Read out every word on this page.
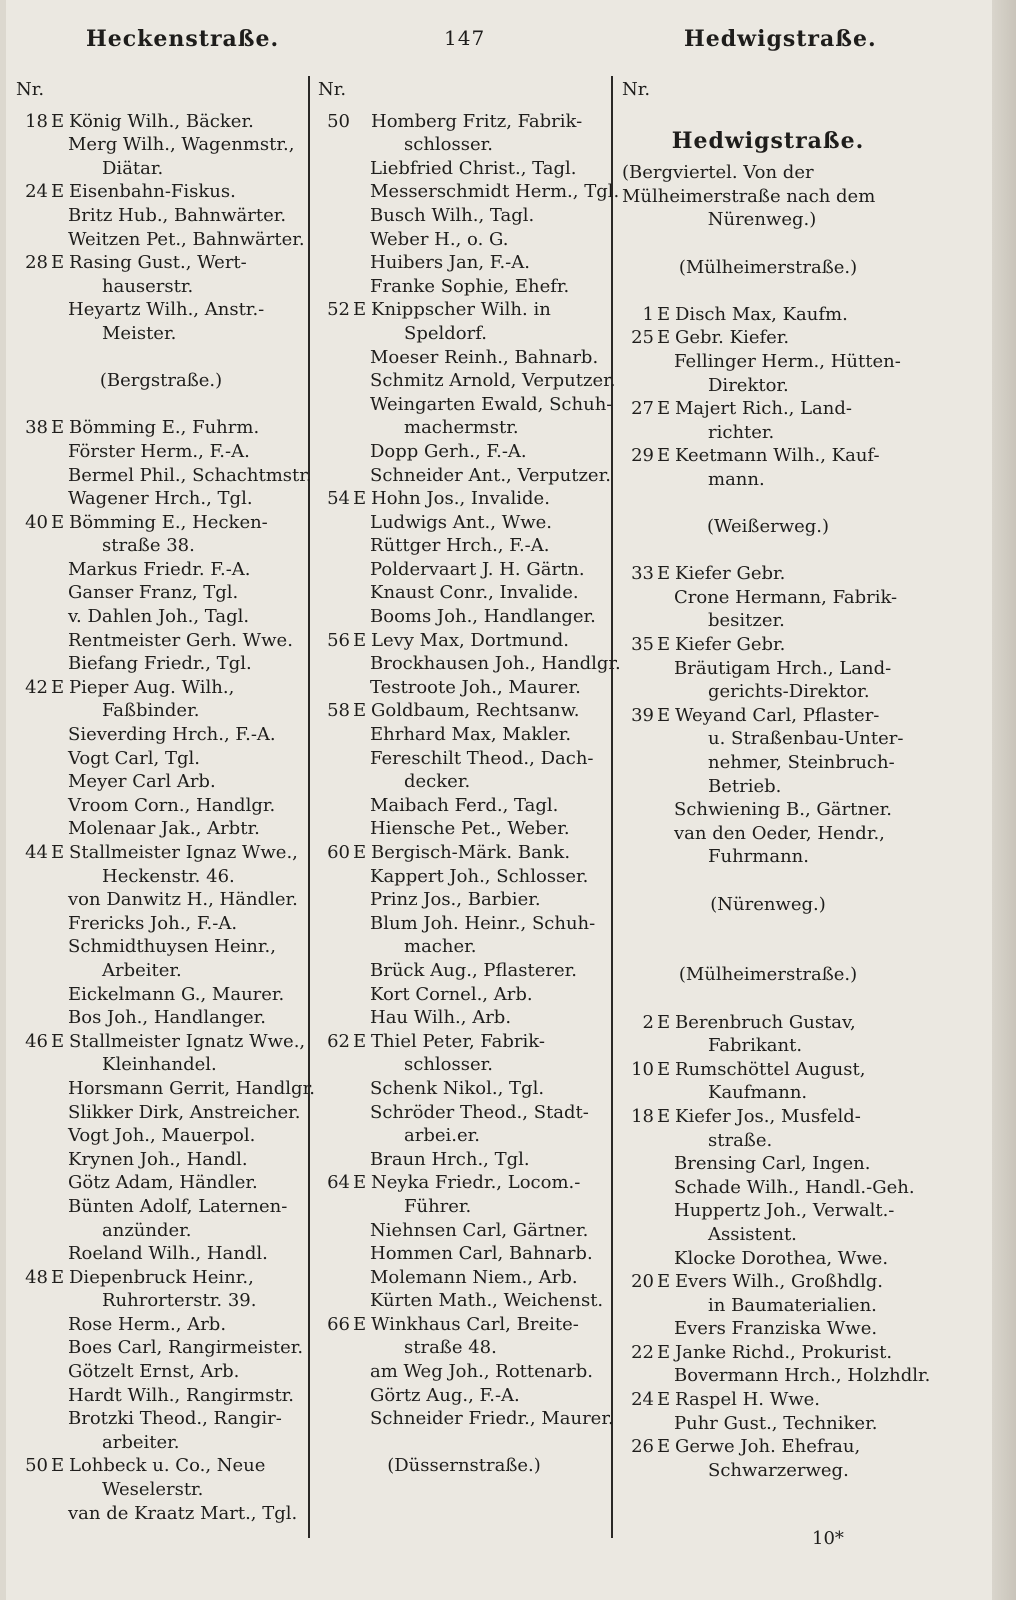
Heckenstraße.	147	Hedwigstraße.
Nr.
18 E König Wilh., Bäcker.
Merg Wilh., Wagenmstr.,
Diätar.
24 E Eisenbahn-Fiskus.
Britz Hub., Bahnwärter.
Weitzen Pet., Bahnwärter.
28 E Rasing Gust., Wert-
hauserstr.
Heyartz Wilh., Anstr.-
Meister.
(Bergstraße.)
38 E Bömming E., Fuhrm.
Förster Herm., F.-A.
Bermel Phil., Schachtmstr.
Wagener Hrch., Tgl.
40 E Bömming E., Hecken-
straße 38.
Markus Friedr. F.-A.
Ganser Franz, Tgl.
v. Dahlen Joh., Tagl.
Rentmeister Gerh. Wwe.
Biefang Friedr., Tgl.
42 E Pieper Aug. Wilh.,
Faßbinder.
Sieverding Hrch., F.-A.
Vogt Carl, Tgl.
Meyer Carl Arb.
Vroom Corn., Handlgr.
Molenaar Jak., Arbtr.
44 E Stallmeister Ignaz Wwe.,
Heckenstr. 46.
von Danwitz H., Händler.
Frericks Joh., F.-A.
Schmidthuysen Heinr.,
Arbeiter.
Eickelmann G., Maurer.
Bos Joh., Handlanger.
46 E Stallmeister Ignatz Wwe.,
Kleinhandel.
Horsmann Gerrit, Handlgr.
Slikker Dirk, Anstreicher.
Vogt Joh., Mauerpol.
Krynen Joh., Handl.
Götz Adam, Händler.
Bünten Adolf, Laternen-
anzünder.
Roeland Wilh., Handl.
48 E Diepenbruck Heinr.,
Ruhrorterstr. 39.
Rose Herm., Arb.
Boes Carl, Rangirmeister.
Götzelt Ernst, Arb.
Hardt Wilh., Rangirmstr.
Brotzki Theod., Rangir-
arbeiter.
50 E Lohbeck u. Co., Neue
Weselerstr.
van de Kraatz Mart., Tgl.
Nr.
50 Homberg Fritz, Fabrik-
schlosser.
Liebfried Christ., Tagl.
Messerschmidt Herm., Tgl.
Busch Wilh., Tagl.
Weber H., o. G.
Huibers Jan, F.-A.
Franke Sophie, Ehefr.
52 E Knippscher Wilh. in
Speldorf.
Moeser Reinh., Bahnarb.
Schmitz Arnold, Verputzer.
Weingarten Ewald, Schuh-
machermstr.
Dopp Gerh., F.-A.
Schneider Ant., Verputzer.
54 E Hohn Jos., Invalide.
Ludwigs Ant., Wwe.
Rüttger Hrch., F.-A.
Poldervaart J. H. Gärtn.
Knaust Conr., Invalide.
Booms Joh., Handlanger.
56 E Levy Max, Dortmund.
Brockhausen Joh., Handlgr.
Testroote Joh., Maurer.
58 E Goldbaum, Rechtsanw.
Ehrhard Max, Makler.
Fereschilt Theod., Dach-
decker.
Maibach Ferd., Tagl.
Hiensche Pet., Weber.
60 E Bergisch-Märk. Bank.
Kappert Joh., Schlosser.
Prinz Jos., Barbier.
Blum Joh. Heinr., Schuh-
macher.
Brück Aug., Pflasterer.
Kort Cornel., Arb.
Hau Wilh., Arb.
62 E Thiel Peter, Fabrik-
schlosser.
Schenk Nikol., Tgl.
Schröder Theod., Stadt-
arbei.er.
Braun Hrch., Tgl.
64 E Neyka Friedr., Locom.-
Führer.
Niehnsen Carl, Gärtner.
Hommen Carl, Bahnarb.
Molemann Niem., Arb.
Kürten Math., Weichenst.
66 E Winkhaus Carl, Breite-
straße 48.
am Weg Joh., Rottenarb.
Görtz Aug., F.-A.
Schneider Friedr., Maurer.
(Düssernstraße.)
Nr.
Hedwigstraße.
(Bergviertel. Von der
Mülheimerstraße nach dem
Nürenweg.)
(Mülheimerstraße.)
1 E Disch Max, Kaufm.
25 E Gebr. Kiefer.
Fellinger Herm., Hütten-
Direktor.
27 E Majert Rich., Land-
richter.
29 E Keetmann Wilh., Kauf-
mann.
(Weißerweg.)
33 E Kiefer Gebr.
Crone Hermann, Fabrik-
besitzer.
35 E Kiefer Gebr.
Bräutigam Hrch., Land-
gerichts-Direktor.
39 E Weyand Carl, Pflaster-
u. Straßenbau-Unter-
nehmer, Steinbruch-
Betrieb.
Schwiening B., Gärtner.
van den Oeder, Hendr.,
Fuhrmann.
(Nürenweg.)
(Mülheimerstraße.)
2 E Berenbruch Gustav,
Fabrikant.
10 E Rumschöttel August,
Kaufmann.
18 E Kiefer Jos., Musfeld-
straße.
Brensing Carl, Ingen.
Schade Wilh., Handl.-Geh.
Huppertz Joh., Verwalt.-
Assistent.
Klocke Dorothea, Wwe.
20 E Evers Wilh., Großhdlg.
in Baumaterialien.
Evers Franziska Wwe.
22 E Janke Richd., Prokurist.
Bovermann Hrch., Holzhdlr.
24 E Raspel H. Wwe.
Puhr Gust., Techniker.
26 E Gerwe Joh. Ehefrau,
Schwarzerweg.
10*
